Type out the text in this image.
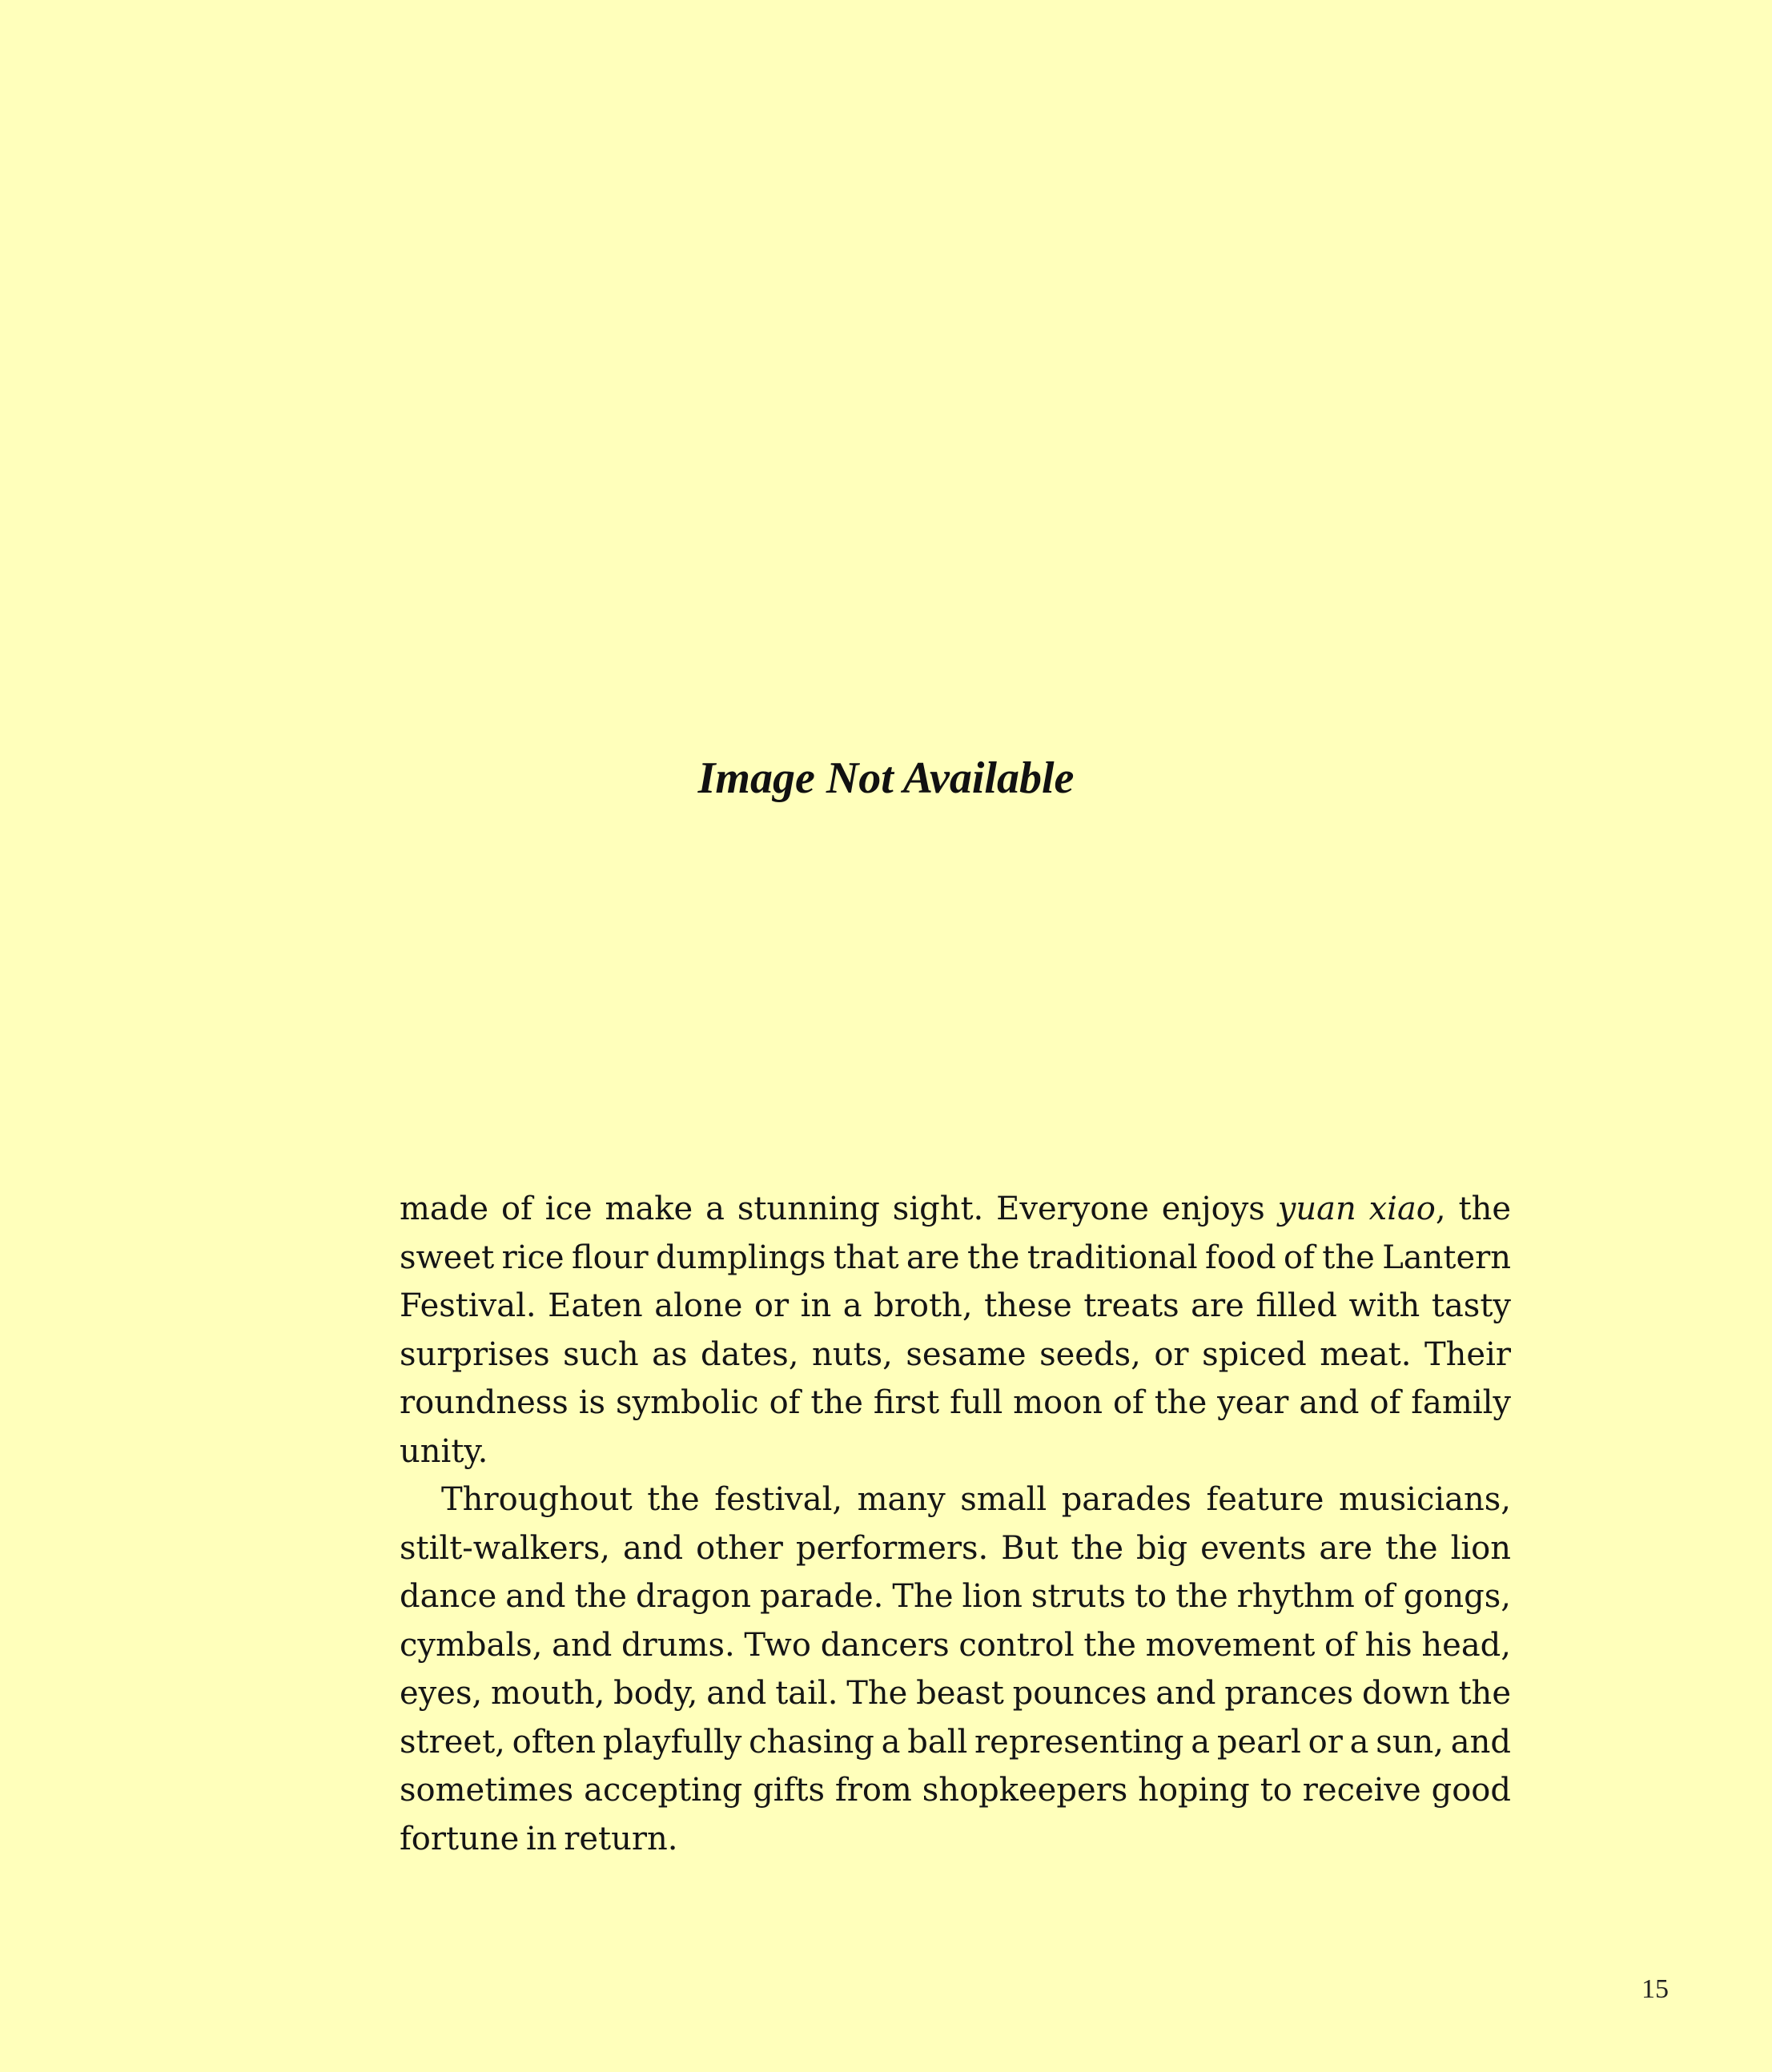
Image Not Available

made of ice make a stunning sight. Everyone enjoys yuan xiao, the sweet rice flour dumplings that are the traditional food of the Lantern Festival. Eaten alone or in a broth, these treats are filled with tasty surprises such as dates, nuts, sesame seeds, or spiced meat. Their roundness is symbolic of the first full moon of the year and of family unity.

Throughout the festival, many small parades feature musicians, stilt-walkers, and other performers. But the big events are the lion dance and the dragon parade. The lion struts to the rhythm of gongs, cymbals, and drums. Two dancers control the movement of his head, eyes, mouth, body, and tail. The beast pounces and prances down the street, often playfully chasing a ball representing a pearl or a sun, and sometimes accepting gifts from shopkeepers hoping to receive good fortune in return.

15
